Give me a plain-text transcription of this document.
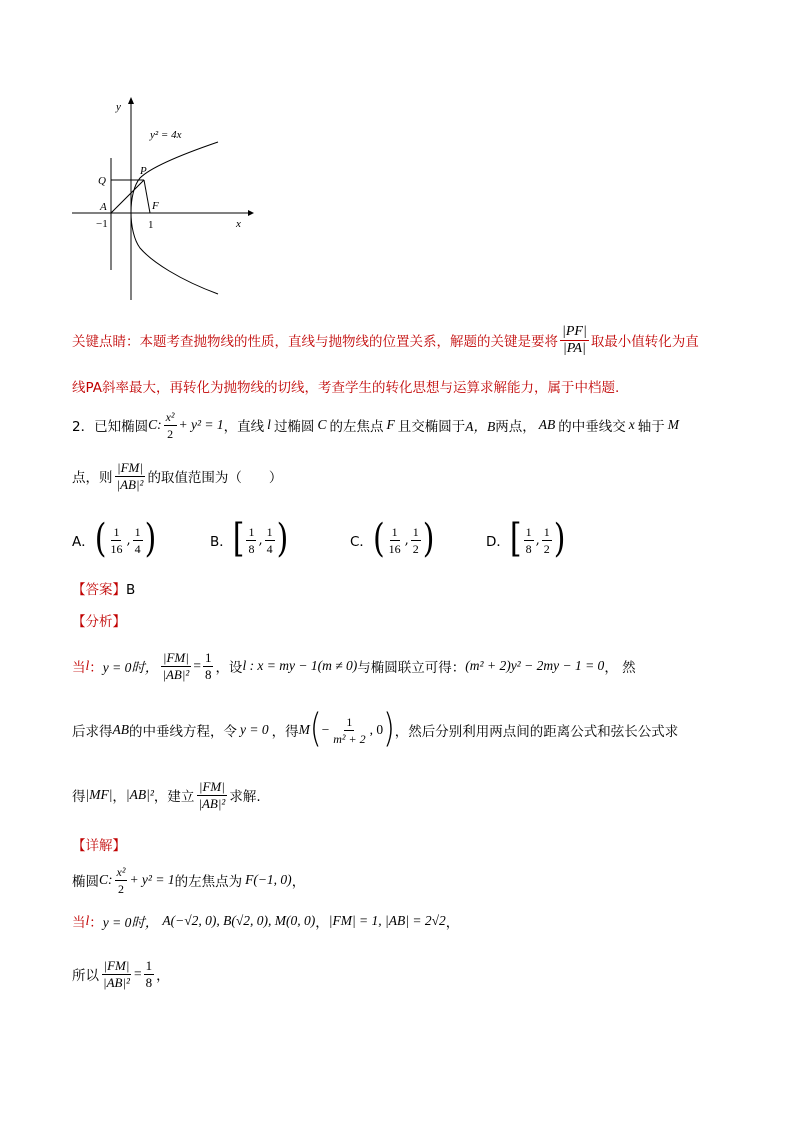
y
x
y² = 4x
P
Q
A	F
−1	1
关键点睛：本题考查抛物线的性质，直线与抛物线的位置关系，解题的关键是要将 $\frac{|PF|}{|PA|}$ 取最小值转化为直
线PA斜率最大，再转化为抛物线的切线，考查学生的转化思想与运算求解能力，属于中档题.
2．已知椭圆 C: $\frac{\text{x²}}{2} + y^2 = 1$ ，直线 l 过椭圆 C 的左焦点 F 且交椭圆于 A，B 两点， AB 的中垂线交 x 轴于 M
点，则 $\frac{|FM|}{\text{|AB|²}}$ 的取值范围为（　　）
A． ( $\frac{1}{16}$ , $\frac{1}{4}$ )	B． [ $\frac{1}{8}$ , $\frac{1}{4}$ )	C． ( $\frac{1}{16}$ , $\frac{1}{2}$ )	D． [ $\frac{1}{8}$ , $\frac{1}{2}$ )
【答案】B
【分析】
当 l ： y = 0时， $\frac{|FM|}{\text{|AB|²}} = \frac{1}{8}$ ，设 l : x = my − 1(m ≠ 0) 与椭圆联立可得： (m² + 2)y² − 2my − 1 = 0 ， 然
后求得 AB 的中垂线方程，令 y = 0 ，得 M ( − $\frac{1}{\text{m² + 2}}$ , 0 ) ，然后分别利用两点间的距离公式和弦长公式求
得 |MF| ， |AB|² ，建立 $\frac{|FM|}{\text{|AB|²}}$ 求解.
【详解】
椭圆 C: $\frac{\text{x²}}{2} + y^2 = 1$ 的左焦点为 F(−1, 0) ，
当 l ： y = 0时， A(−√2, 0), B(√2, 0), M(0, 0) ， |FM| = 1, |AB| = 2√2 ，
所以 $\frac{|FM|}{\text{|AB|²}} = \frac{1}{8}$ ，
